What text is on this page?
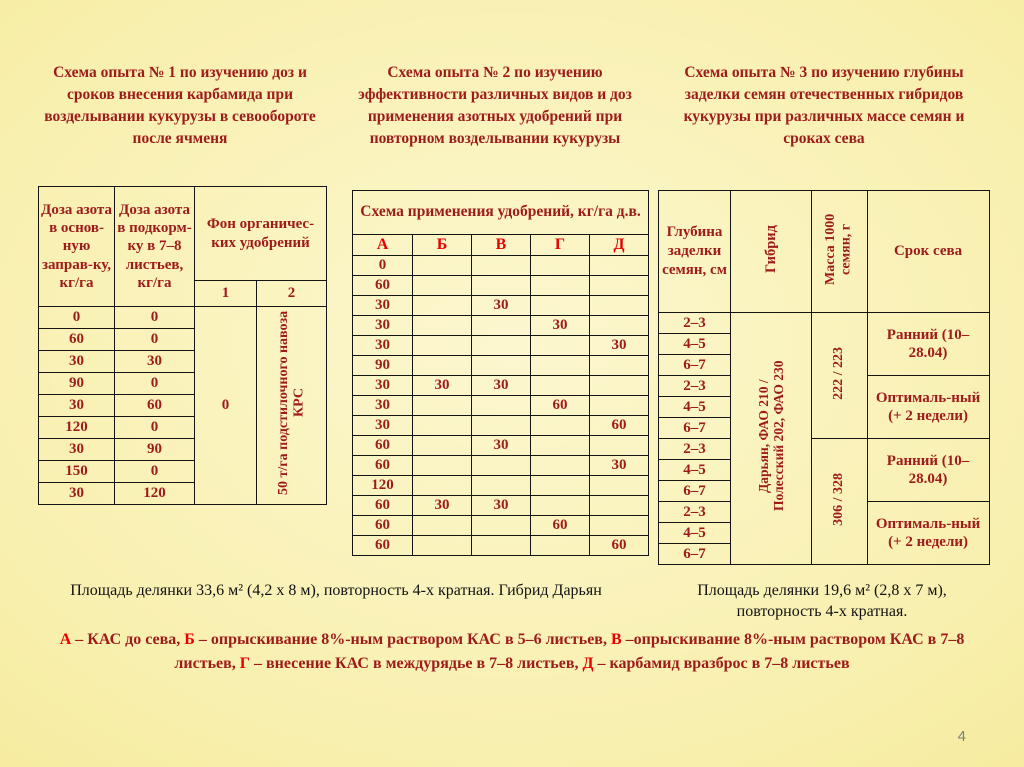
Схема опыта № 1 по изучению доз и сроков внесения карбамида при возделывании кукурузы в севообороте после ячменя
Схема опыта № 2 по изучению эффективности различных видов и доз применения азотных удобрений при повторном возделывании кукурузы
Схема опыта № 3 по изучению глубины заделки семян отечественных гибридов кукурузы при различных массе семян и сроках сева
Доза азота в основ-ную заправ-ку, кг/га	Доза азота в подкорм-ку в 7–8 листьев, кг/га	Фон органичес-ких удобрений	
		1	2
0	0	0	50 т/га подстилочного навоза КРС
60	0		
30	30		
90	0		
30	60		
120	0		
30	90		
150	0		
30	120		
Схема применения удобрений, кг/га д.в.				
А	Б	В	Г	Д
0				
60				
30		30		
30			30	
30				30
90				
30	30	30		
30			60	
30				60
60		30		
60				30
120				
60	30	30		
60			60	
60				60
Глубина заделки семян, см	Гибрид	Масса 1000 семян, г	Срок сева
2–3	Дарьян, ФАО 210 / Полесский 202, ФАО 230	222 / 223	Ранний (10–28.04)
4–5			
6–7			
2–3			Оптималь-ный (+ 2 недели)
4–5			
6–7			
2–3		306 / 328	Ранний (10–28.04)
4–5			
6–7			
2–3			Оптималь-ный (+ 2 недели)
4–5			
6–7			

Площадь делянки 33,6 м² (4,2 х 8 м), повторность 4-х кратная. Гибрид Дарьян	Площадь делянки 19,6 м² (2,8 х 7 м), повторность 4-х кратная.

А – КАС до сева, Б – опрыскивание 8%-ным раствором КАС в 5–6 листьев, В –опрыскивание 8%-ным раствором КАС в 7–8 листьев, Г – внесение КАС в междурядье в 7–8 листьев, Д – карбамид вразброс в 7–8 листьев

4
